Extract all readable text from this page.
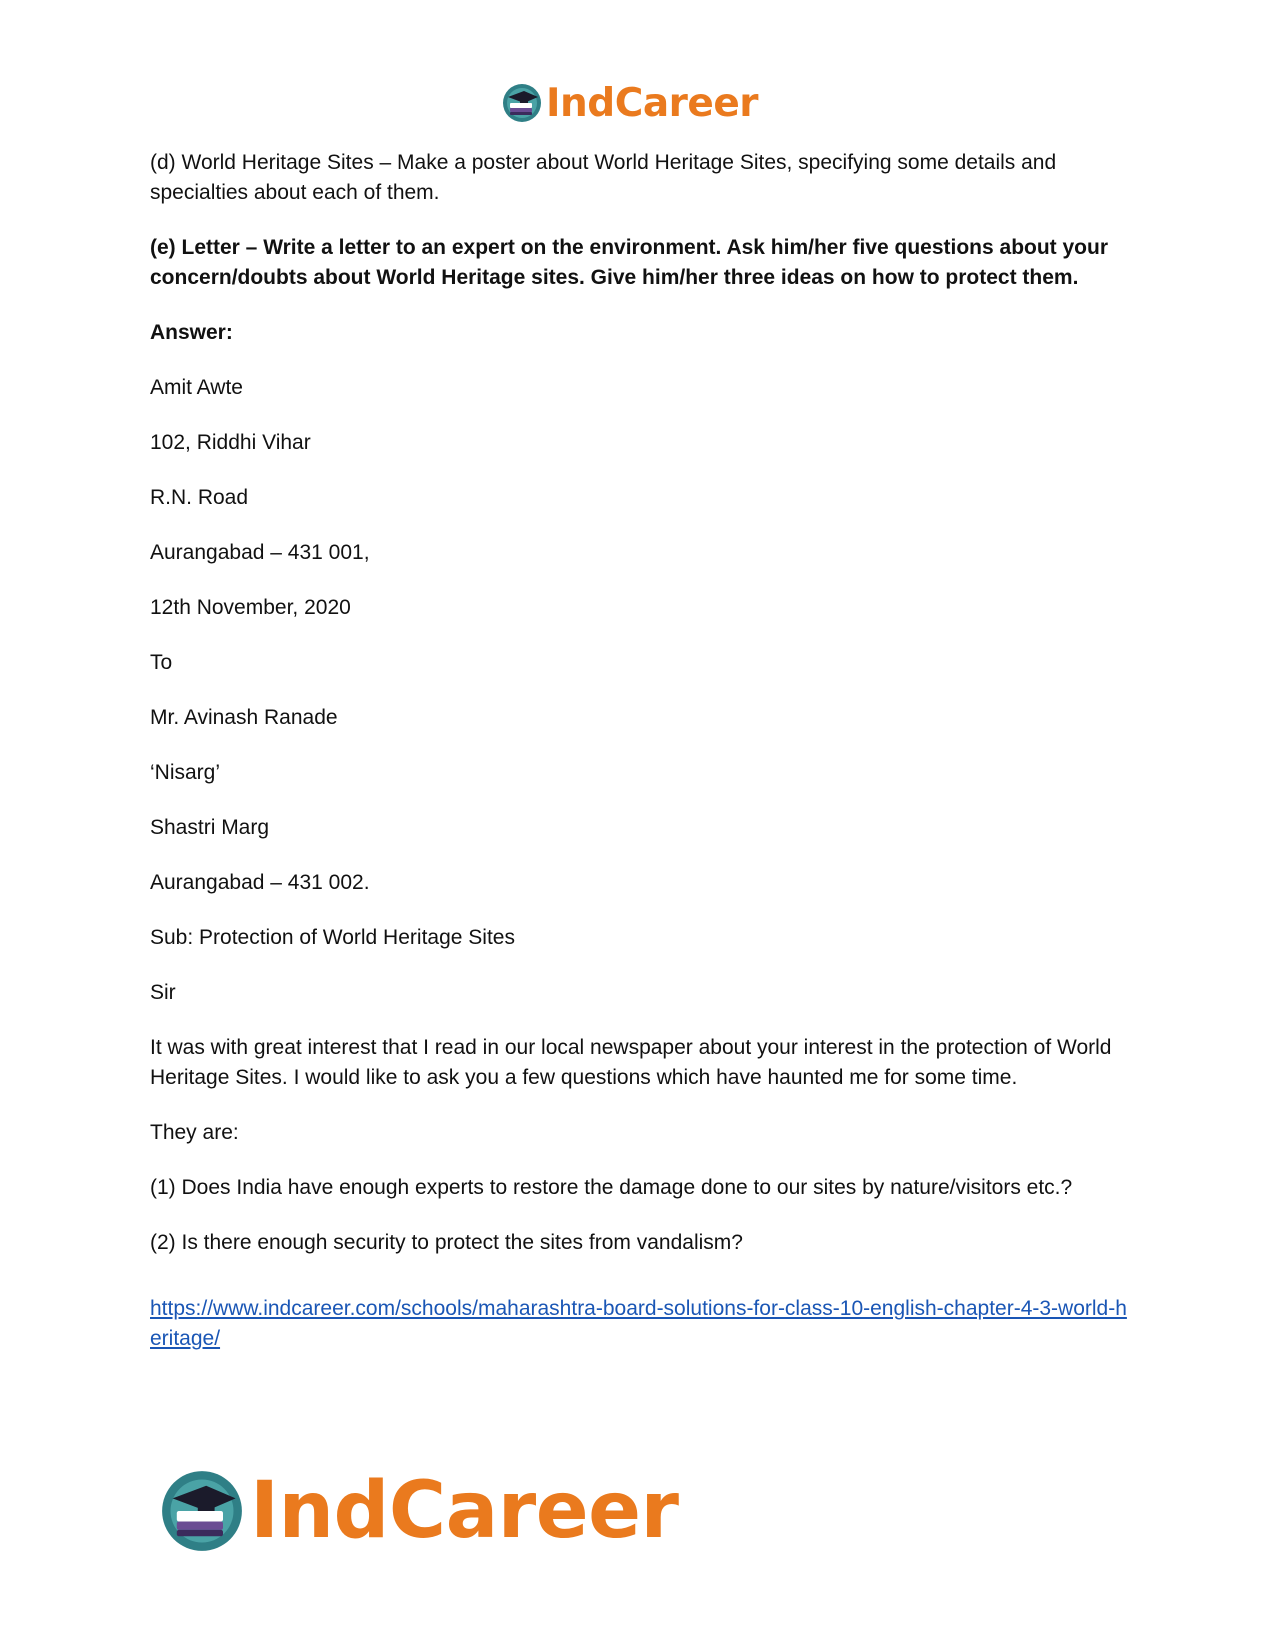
IndCareer

(d) World Heritage Sites – Make a poster about World Heritage Sites, specifying some details and specialties about each of them.

(e) Letter – Write a letter to an expert on the environment. Ask him/her five questions about your concern/doubts about World Heritage sites. Give him/her three ideas on how to protect them.

Answer:

Amit Awte

102, Riddhi Vihar

R.N. Road

Aurangabad – 431 001,

12th November, 2020

To

Mr. Avinash Ranade

‘Nisarg’

Shastri Marg

Aurangabad – 431 002.

Sub: Protection of World Heritage Sites

Sir

It was with great interest that I read in our local newspaper about your interest in the protection of World Heritage Sites. I would like to ask you a few questions which have haunted me for some time.

They are:

(1) Does India have enough experts to restore the damage done to our sites by nature/visitors etc.?

(2) Is there enough security to protect the sites from vandalism?

https://www.indcareer.com/schools/maharashtra-board-solutions-for-class-10-english-chapter-4-3-world-heritage/
IndCareer
